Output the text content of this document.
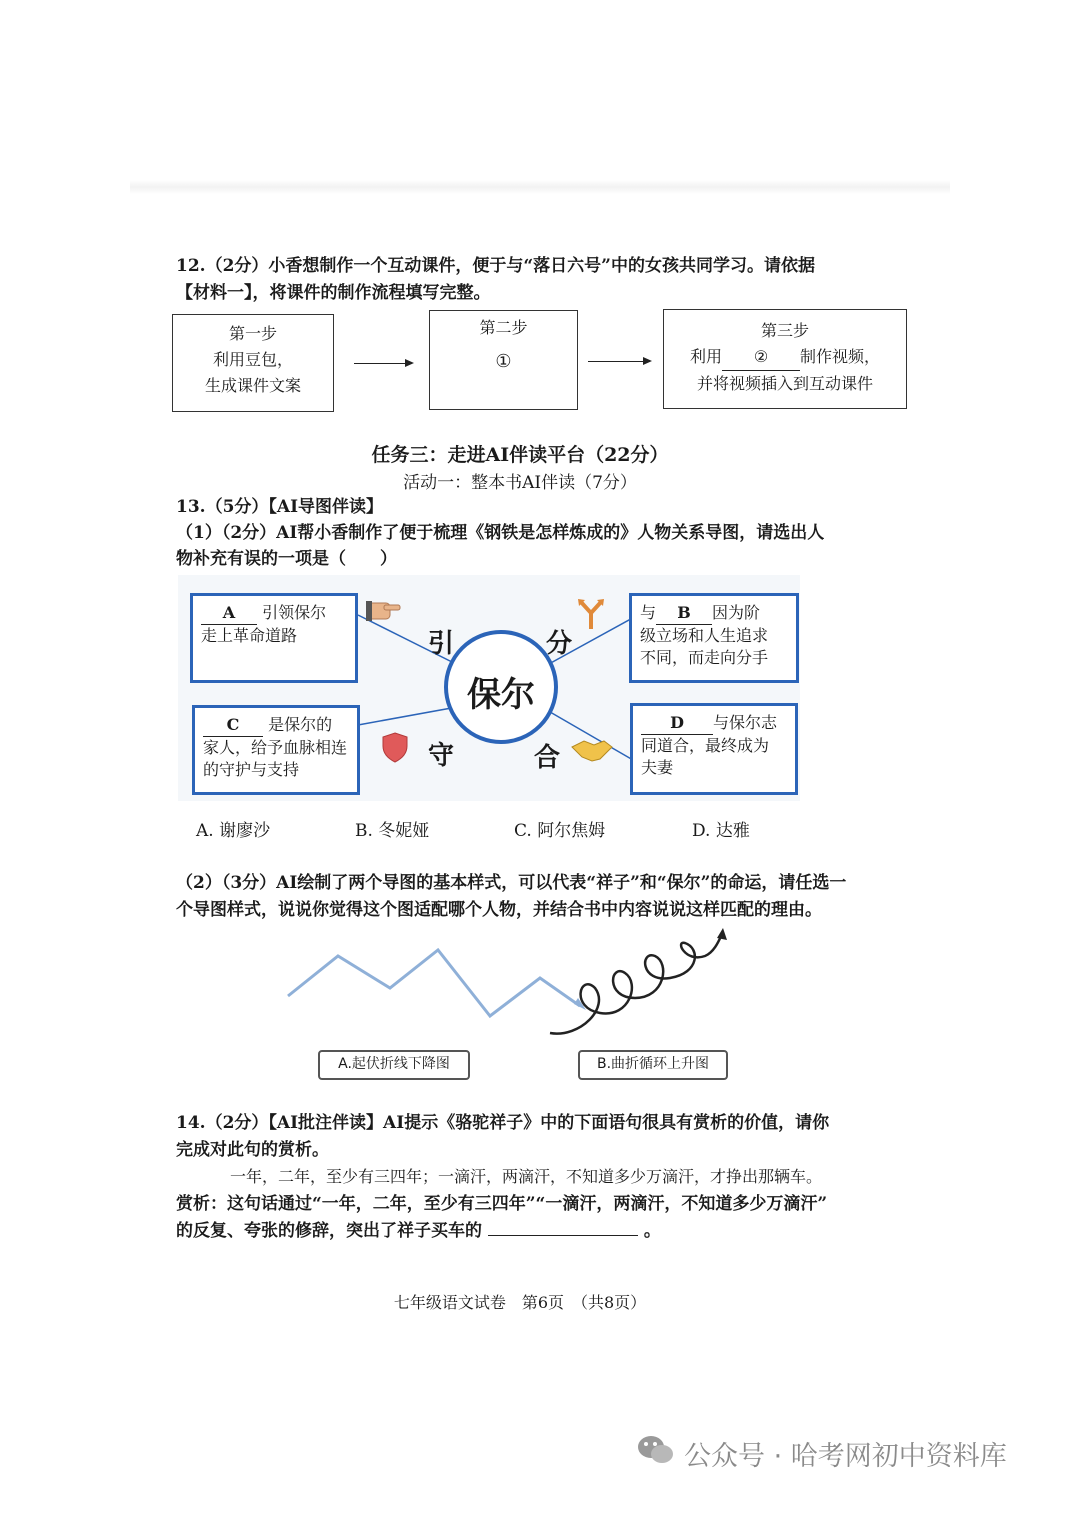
12.（2分）小香想制作一个互动课件，便于与“落日六号”中的女孩共同学习。请依据
【材料一】，将课件的制作流程填写完整。
第一步
利用豆包，
生成课件文案
第二步
①
第三步
利用 ② 制作视频，
并将视频插入到互动课件
任务三：走进AI伴读平台（22分）
活动一：整本书AI伴读（7分）
13.（5分）【AI导图伴读】
（1）（2分）AI帮小香制作了便于梳理《钢铁是怎样炼成的》人物关系导图，请选出人
物补充有误的一项是（　　）
保尔
引	分
守	合
A 引领保尔
走上革命道路
与 B 因为阶
级立场和人生追求
不同，而走向分手
C 是保尔的
家人，给予血脉相连
的守护与支持
D 与保尔志
同道合，最终成为
夫妻
A. 谢廖沙	B. 冬妮娅	C. 阿尔焦姆	D. 达雅
（2）（3分）AI绘制了两个导图的基本样式，可以代表“祥子”和“保尔”的命运，请任选一
个导图样式，说说你觉得这个图适配哪个人物，并结合书中内容说说这样匹配的理由。
A.起伏折线下降图	B.曲折循环上升图
14.（2分）【AI批注伴读】AI提示《骆驼祥子》中的下面语句很具有赏析的价值，请你
完成对此句的赏析。
一年，二年，至少有三四年；一滴汗，两滴汗，不知道多少万滴汗，才挣出那辆车。
赏析：这句话通过“一年，二年，至少有三四年”“一滴汗，两滴汗，不知道多少万滴汗”
的反复、夸张的修辞，突出了祥子买车的	。
七年级语文试卷　第6页　（共8页）
公众号 · 哈考网初中资料库
